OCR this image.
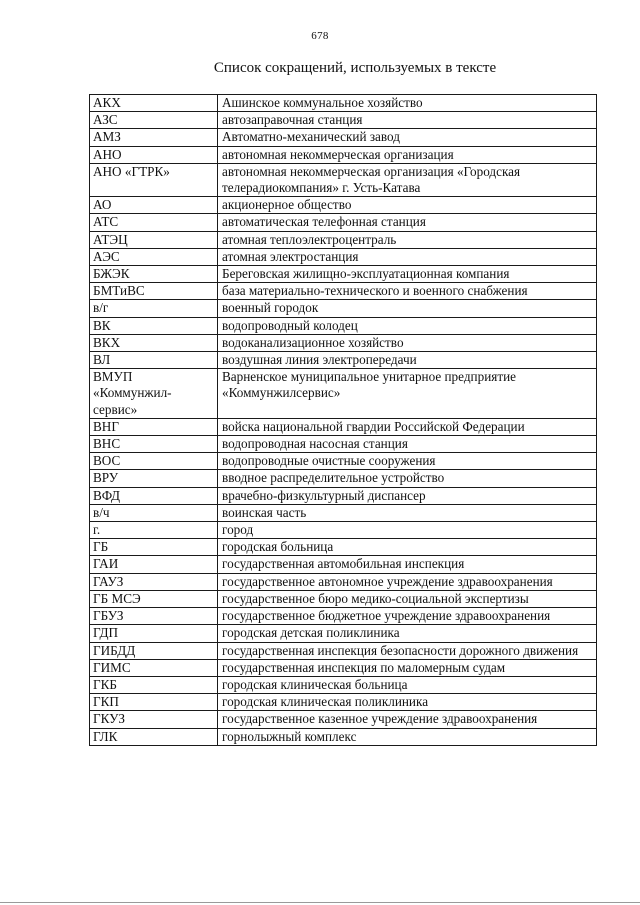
678
Список сокращений, используемых в тексте
АКХ	Ашинское коммунальное хозяйство
АЗС	автозаправочная станция
АМЗ	Автоматно-механический завод
АНО	автономная некоммерческая организация
АНО «ГТРК»	автономная некоммерческая организация «Городская телерадиокомпания» г. Усть-Катава
АО	акционерное общество
АТС	автоматическая телефонная станция
АТЭЦ	атомная теплоэлектроцентраль
АЭС	атомная электростанция
БЖЭК	Береговская жилищно-эксплуатационная компания
БМТиВС	база материально-технического и военного снабжения
в/г	военный городок
ВК	водопроводный колодец
ВКХ	водоканализационное хозяйство
ВЛ	воздушная линия электропередачи
ВМУП «Коммунжил-сервис»	Варненское муниципальное унитарное предприятие «Коммунжилсервис»
ВНГ	войска национальной гвардии Российской Федерации
ВНС	водопроводная насосная станция
ВОС	водопроводные очистные сооружения
ВРУ	вводное распределительное устройство
ВФД	врачебно-физкультурный диспансер
в/ч	воинская часть
г.	город
ГБ	городская больница
ГАИ	государственная автомобильная инспекция
ГАУЗ	государственное автономное учреждение здравоохранения
ГБ МСЭ	государственное бюро медико-социальной экспертизы
ГБУЗ	государственное бюджетное учреждение здравоохранения
ГДП	городская детская поликлиника
ГИБДД	государственная инспекция безопасности дорожного движения
ГИМС	государственная инспекция по маломерным судам
ГКБ	городская клиническая больница
ГКП	городская клиническая поликлиника
ГКУЗ	государственное казенное учреждение здравоохранения
ГЛК	горнолыжный комплекс
